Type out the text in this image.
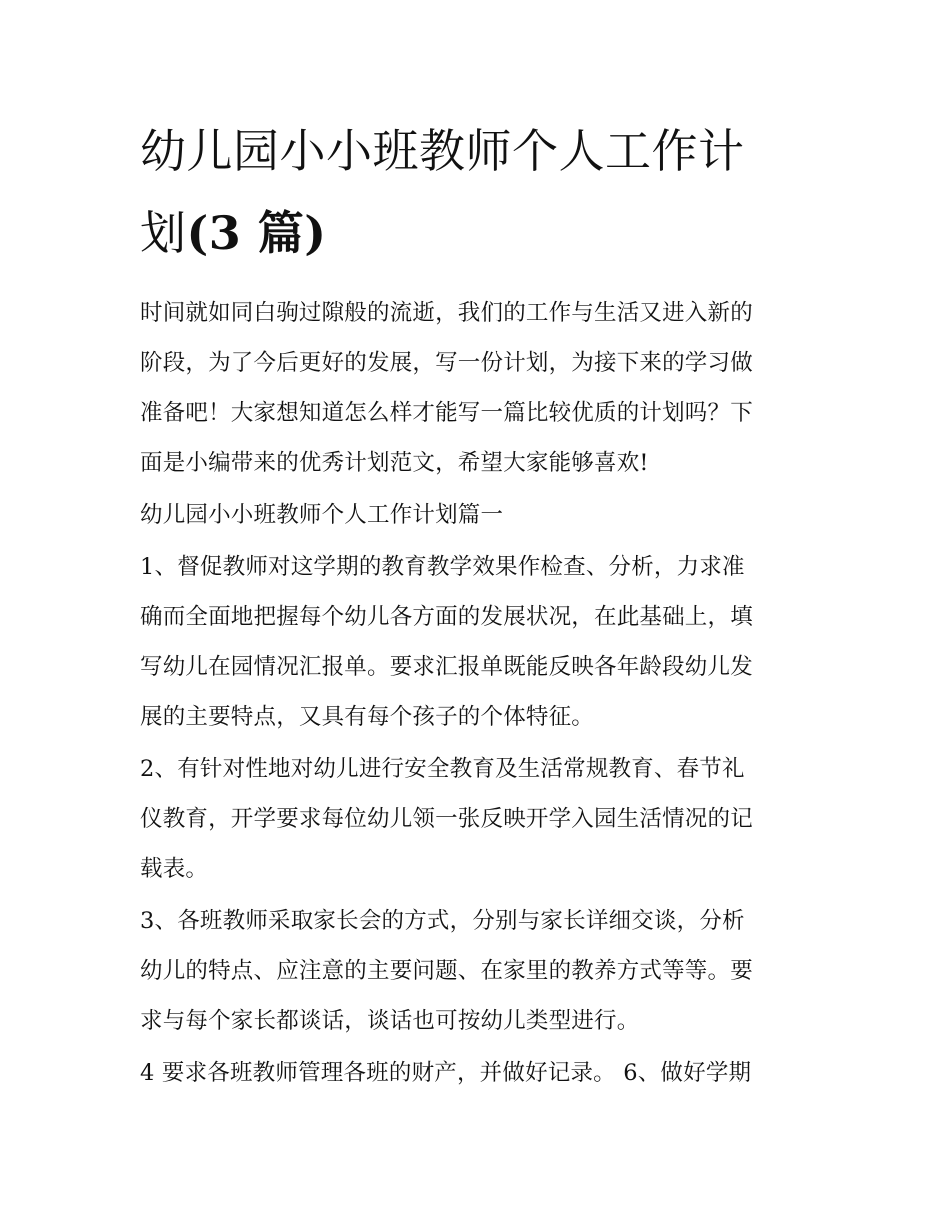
幼儿园小小班教师个人工作计
划(3 篇)

时间就如同白驹过隙般的流逝，我们的工作与生活又进入新的
阶段，为了今后更好的发展，写一份计划，为接下来的学习做
准备吧！大家想知道怎么样才能写一篇比较优质的计划吗？下
面是小编带来的优秀计划范文，希望大家能够喜欢!

幼儿园小小班教师个人工作计划篇一

1、督促教师对这学期的教育教学效果作检查、分析，力求准
确而全面地把握每个幼儿各方面的发展状况，在此基础上，填
写幼儿在园情况汇报单。要求汇报单既能反映各年龄段幼儿发
展的主要特点，又具有每个孩子的个体特征。

2、有针对性地对幼儿进行安全教育及生活常规教育、春节礼
仪教育，开学要求每位幼儿领一张反映开学入园生活情况的记
载表。

3、各班教师采取家长会的方式，分别与家长详细交谈，分析
幼儿的特点、应注意的主要问题、在家里的教养方式等等。要
求与每个家长都谈话，谈话也可按幼儿类型进行。

4 要求各班教师管理各班的财产，并做好记录。 6、做好学期
